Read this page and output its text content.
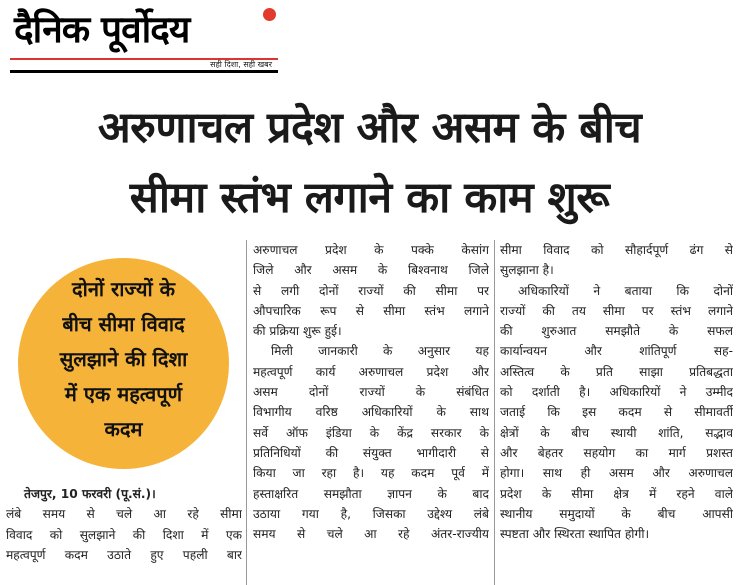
दैनिक पूर्वोदय
सही दिशा, सही खबर
अरुणाचल प्रदेश और असम के बीच
सीमा स्तंभ लगाने का काम शुरू
दोनों राज्यों के
बीच सीमा विवाद
सुलझाने की दिशा
में एक महत्वपूर्ण
कदम
तेजपुर, 10 फरवरी (पू.सं.)।
लंबे समय से चले आ रहे सीमा
विवाद को सुलझाने की दिशा में एक
महत्वपूर्ण कदम उठाते हुए पहली बार
अरुणाचल प्रदेश के पक्के केसांग
जिले और असम के बिश्वनाथ जिले
से लगी दोनों राज्यों की सीमा पर
औपचारिक रूप से सीमा स्तंभ लगाने
की प्रक्रिया शुरू हुई।
मिली जानकारी के अनुसार यह
महत्वपूर्ण कार्य अरुणाचल प्रदेश और
असम दोनों राज्यों के संबंधित
विभागीय वरिष्ठ अधिकारियों के साथ
सर्वे ऑफ इंडिया के केंद्र सरकार के
प्रतिनिधियों की संयुक्त भागीदारी से
किया जा रहा है। यह कदम पूर्व में
हस्ताक्षरित समझौता ज्ञापन के बाद
उठाया गया है, जिसका उद्देश्य लंबे
समय से चले आ रहे अंतर-राज्यीय
सीमा विवाद को सौहार्दपूर्ण ढंग से
सुलझाना है।
अधिकारियों ने बताया कि दोनों
राज्यों की तय सीमा पर स्तंभ लगाने
की शुरुआत समझौते के सफल
कार्यान्वयन और शांतिपूर्ण सह-
अस्तित्व के प्रति साझा प्रतिबद्धता
को दर्शाती है। अधिकारियों ने उम्मीद
जताई कि इस कदम से सीमावर्ती
क्षेत्रों के बीच स्थायी शांति, सद्भाव
और बेहतर सहयोग का मार्ग प्रशस्त
होगा। साथ ही असम और अरुणाचल
प्रदेश के सीमा क्षेत्र में रहने वाले
स्थानीय समुदायों के बीच आपसी
स्पष्टता और स्थिरता स्थापित होगी।
